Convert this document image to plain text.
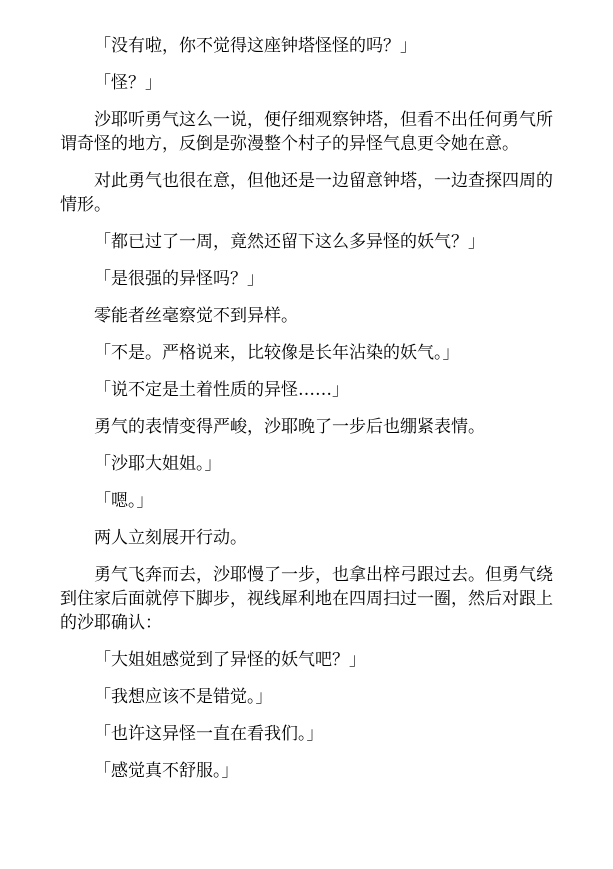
「没有啦，你不觉得这座钟塔怪怪的吗？」

「怪？」

沙耶听勇气这么一说，便仔细观察钟塔，但看不出任何勇气所谓奇怪的地方，反倒是弥漫整个村子的异怪气息更令她在意。

对此勇气也很在意，但他还是一边留意钟塔，一边查探四周的情形。

「都已过了一周，竟然还留下这么多异怪的妖气？」

「是很强的异怪吗？」

零能者丝毫察觉不到异样。

「不是。严格说来，比较像是长年沾染的妖气。」

「说不定是土着性质的异怪……」

勇气的表情变得严峻，沙耶晚了一步后也绷紧表情。

「沙耶大姐姐。」

「嗯。」

两人立刻展开行动。

勇气飞奔而去，沙耶慢了一步，也拿出梓弓跟过去。但勇气绕到住家后面就停下脚步，视线犀利地在四周扫过一圈，然后对跟上的沙耶确认：

「大姐姐感觉到了异怪的妖气吧？」

「我想应该不是错觉。」

「也许这异怪一直在看我们。」

「感觉真不舒服。」
